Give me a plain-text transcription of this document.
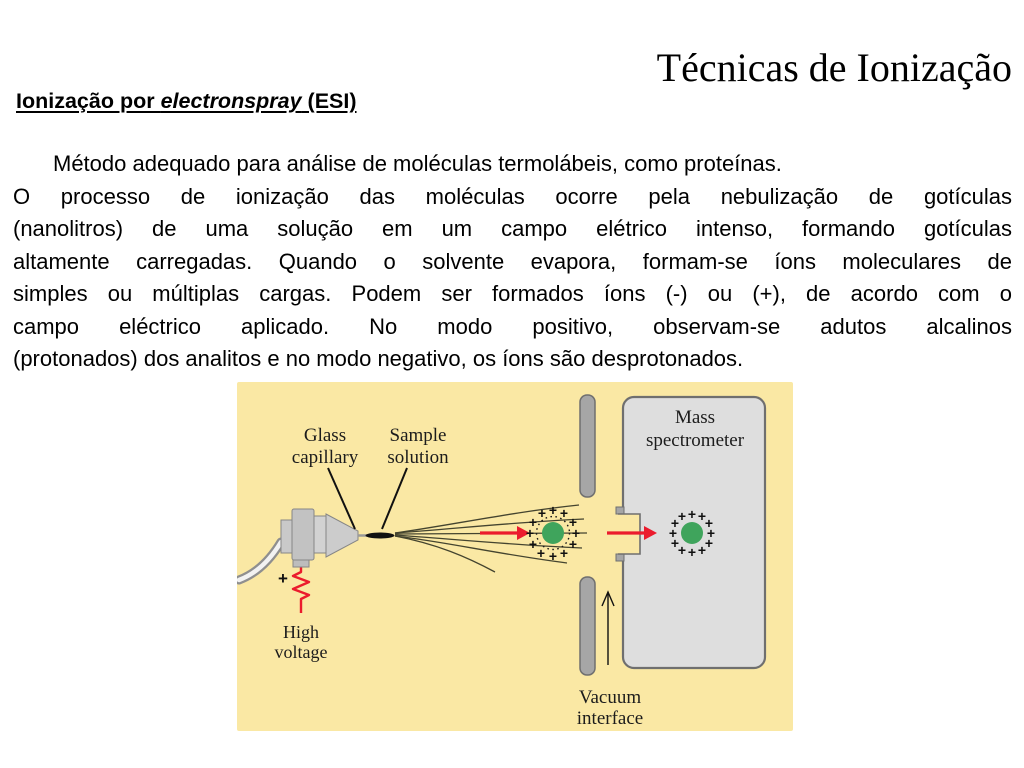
Técnicas de Ionização
Ionização por electronspray (ESI)
Método adequado para análise de moléculas termolábeis, como proteínas.
O processo de ionização das moléculas ocorre pela nebulização de gotículas
(nanolitros) de uma solução em um campo elétrico intenso, formando gotículas
altamente carregadas. Quando o solvente evapora, formam-se íons moleculares de
simples ou múltiplas cargas. Podem ser formados íons (-) ou (+), de acordo com o
campo eléctrico aplicado. No modo positivo, observam-se adutos alcalinos
(protonados) dos analitos e no modo negativo, os íons são desprotonados.
+
Glass
capillary
Sample
solution
High
voltage
+
+
+
+
+
+
+
+
+ + +
+
Mass
spectrometer
+
+
+
+
+
+
+
+
+ + +
+
Vacuum
interface
